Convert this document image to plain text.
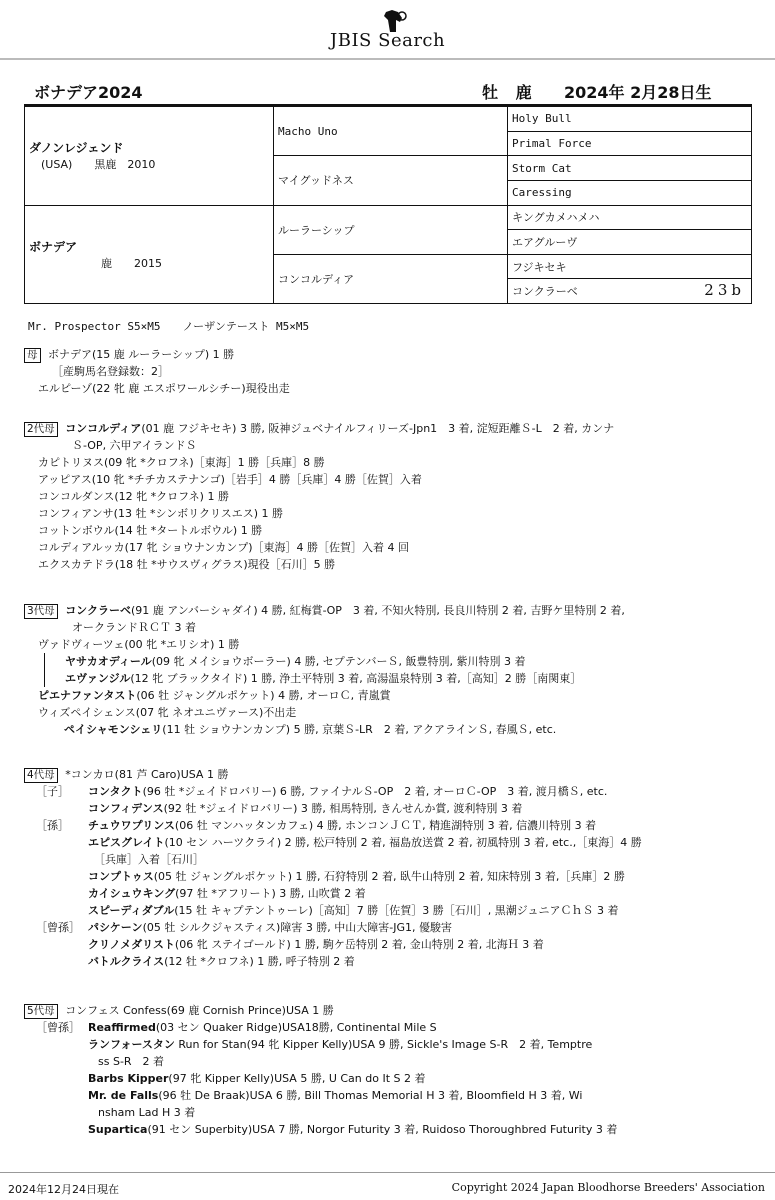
JBIS Search
ボナデア2024	牡 鹿 2024年 2月28日生
ダノンレジェンド
(USA)　　黒鹿　2010	Macho Uno	Holy Bull
		Primal Force
	マイグッドネス	Storm Cat
		Caressing

ボナデア
鹿　　2015	ルーラーシップ	キングカメハメハ
		エアグルーヴ
	コンコルディア	フジキセキ
		コンクラーベ 23b
Mr. Prospector S5×M5　　ノーザンテースト M5×M5
母 ボナデア(15 鹿 ルーラーシップ) 1 勝
［産駒馬名登録数：2］
エルピーゾ(22 牝 鹿 エスポワールシチー)現役出走
2代母 コンコルディア(01 鹿 フジキセキ) 3 勝, 阪神ジュベナイルフィリーズ-Jpn1　3 着, 淀短距離Ｓ-L　2 着, カンナ
Ｓ-OP, 六甲アイランドＳ
カピトリヌス(09 牝 *クロフネ)［東海］1 勝［兵庫］8 勝
アッピアス(10 牝 *チチカステナンゴ)［岩手］4 勝［兵庫］4 勝［佐賀］入着
コンコルダンス(12 牝 *クロフネ) 1 勝
コンフィアンサ(13 牡 *シンボリクリスエス) 1 勝
コットンボウル(14 牡 *タートルボウル) 1 勝
コルディアルッカ(17 牝 ショウナンカンプ)［東海］4 勝［佐賀］入着 4 回
エクスカテドラ(18 牡 *サウスヴィグラス)現役［石川］5 勝
3代母 コンクラーベ(91 鹿 アンバーシャダイ) 4 勝, 紅梅賞-OP　3 着, 不知火特別, 長良川特別 2 着, 吉野ケ里特別 2 着,
オークランドＲＣＴ 3 着
ヴァドヴィーツェ(00 牝 *エリシオ) 1 勝
ヤサカオディール(09 牝 メイショウボーラー) 4 勝, セプテンバーＳ, 飯豊特別, 紫川特別 3 着
エヴァンジル(12 牝 ブラックタイド) 1 勝, 浄土平特別 3 着, 高湯温泉特別 3 着,［高知］2 勝［南関東］
ピエナファンタスト(06 牡 ジャングルポケット) 4 勝, オーロＣ, 青嵐賞
ウィズペイシェンス(07 牝 ネオユニヴァース)不出走
ペイシャモンシェリ(11 牡 ショウナンカンプ) 5 勝, 京葉Ｓ-LR　2 着, アクアラインＳ, 春風Ｓ, etc.
4代母 *コンカロ(81 芦 Caro)USA 1 勝
［子］ コンタクト(96 牡 *ジェイドロバリー) 6 勝, ファイナルＳ-OP　2 着, オーロＣ-OP　3 着, 渡月橋Ｓ, etc.
コンフィデンス(92 牡 *ジェイドロバリー) 3 勝, 相馬特別, きんせんか賞, 渡利特別 3 着
［孫］ チュウワプリンス(06 牡 マンハッタンカフェ) 4 勝, ホンコンＪＣＴ, 精進湖特別 3 着, 信濃川特別 3 着
エピスグレイト(10 セン ハーツクライ) 2 勝, 松戸特別 2 着, 福島放送賞 2 着, 初風特別 3 着, etc.,［東海］4 勝
［兵庫］入着［石川］
コンプトゥス(05 牡 ジャングルポケット) 1 勝, 石狩特別 2 着, 臥牛山特別 2 着, 知床特別 3 着,［兵庫］2 勝
カイシュウキング(97 牡 *アフリート) 3 勝, 山吹賞 2 着
スピーディダブル(15 牡 キャプテントゥーレ)［高知］7 勝［佐賀］3 勝［石川］, 黒潮ジュニアＣｈＳ 3 着
［曾孫］ パシケーン(05 牡 シルクジャスティス)障害 3 勝, 中山大障害-JG1, 優駿害
クリノメダリスト(06 牝 ステイゴールド) 1 勝, 駒ケ岳特別 2 着, 金山特別 2 着, 北海Ｈ 3 着
バトルクライス(12 牡 *クロフネ) 1 勝, 呼子特別 2 着
5代母 コンフェス Confess(69 鹿 Cornish Prince)USA 1 勝
［曾孫］ Reaffirmed(03 セン Quaker Ridge)USA18勝, Continental Mile S
ランフォースタン Run for Stan(94 牝 Kipper Kelly)USA 9 勝, Sickle's Image S-R　2 着, Temptre
ss S-R　2 着
Barbs Kipper(97 牝 Kipper Kelly)USA 5 勝, U Can do It S 2 着
Mr. de Falls(96 牡 De Braak)USA 6 勝, Bill Thomas Memorial H 3 着, Bloomfield H 3 着, Wi
nsham Lad H 3 着
Supartica(91 セン Superbity)USA 7 勝, Norgor Futurity 3 着, Ruidoso Thoroughbred Futurity 3 着
2024年12月24日現在	Copyright 2024 Japan Bloodhorse Breeders' Association
